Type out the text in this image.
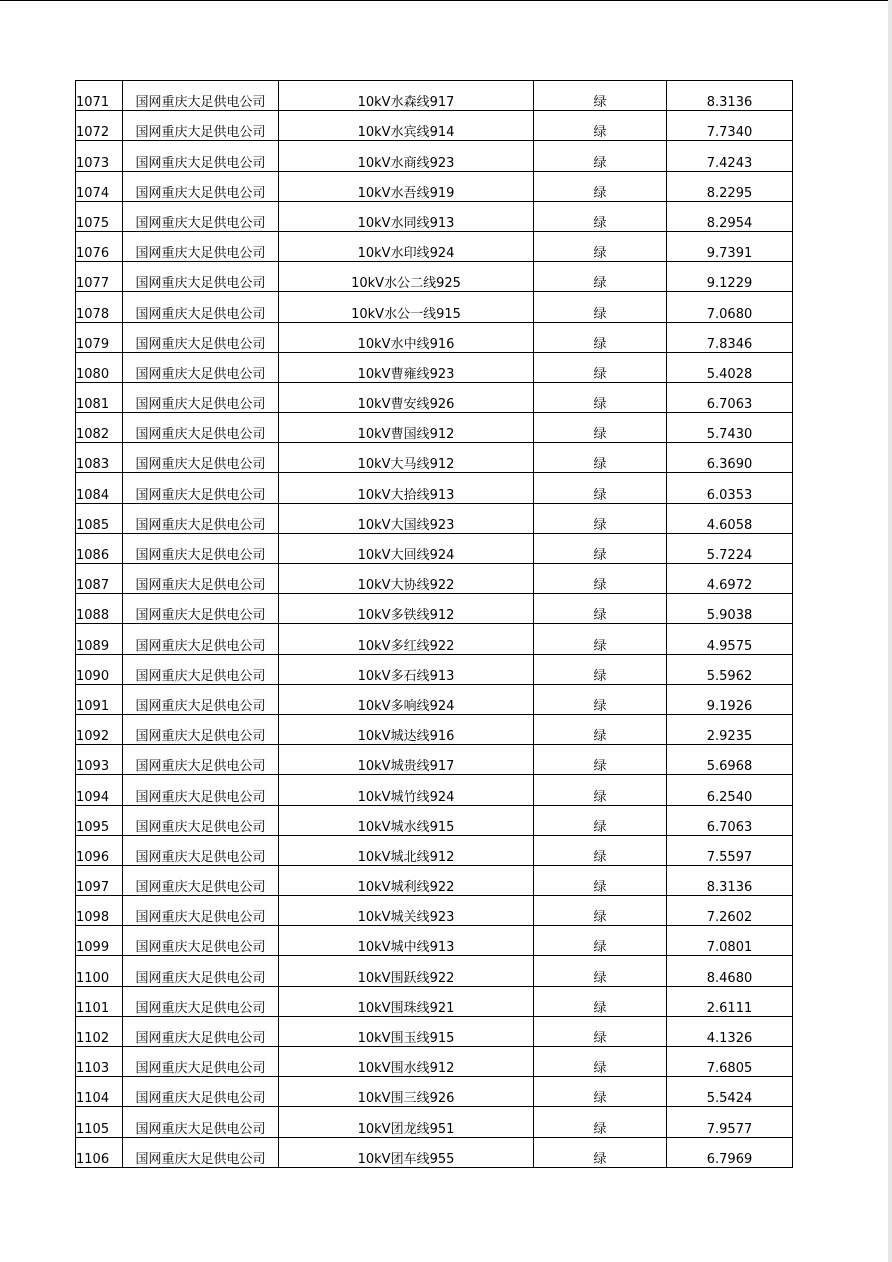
1071	国网重庆大足供电公司	10kV水森线917	绿	8.3136
1072	国网重庆大足供电公司	10kV水宾线914	绿	7.7340
1073	国网重庆大足供电公司	10kV水商线923	绿	7.4243
1074	国网重庆大足供电公司	10kV水吾线919	绿	8.2295
1075	国网重庆大足供电公司	10kV水同线913	绿	8.2954
1076	国网重庆大足供电公司	10kV水印线924	绿	9.7391
1077	国网重庆大足供电公司	10kV水公二线925	绿	9.1229
1078	国网重庆大足供电公司	10kV水公一线915	绿	7.0680
1079	国网重庆大足供电公司	10kV水中线916	绿	7.8346
1080	国网重庆大足供电公司	10kV曹雍线923	绿	5.4028
1081	国网重庆大足供电公司	10kV曹安线926	绿	6.7063
1082	国网重庆大足供电公司	10kV曹国线912	绿	5.7430
1083	国网重庆大足供电公司	10kV大马线912	绿	6.3690
1084	国网重庆大足供电公司	10kV大拾线913	绿	6.0353
1085	国网重庆大足供电公司	10kV大国线923	绿	4.6058
1086	国网重庆大足供电公司	10kV大回线924	绿	5.7224
1087	国网重庆大足供电公司	10kV大协线922	绿	4.6972
1088	国网重庆大足供电公司	10kV多铁线912	绿	5.9038
1089	国网重庆大足供电公司	10kV多红线922	绿	4.9575
1090	国网重庆大足供电公司	10kV多石线913	绿	5.5962
1091	国网重庆大足供电公司	10kV多响线924	绿	9.1926
1092	国网重庆大足供电公司	10kV城达线916	绿	2.9235
1093	国网重庆大足供电公司	10kV城贵线917	绿	5.6968
1094	国网重庆大足供电公司	10kV城竹线924	绿	6.2540
1095	国网重庆大足供电公司	10kV城水线915	绿	6.7063
1096	国网重庆大足供电公司	10kV城北线912	绿	7.5597
1097	国网重庆大足供电公司	10kV城利线922	绿	8.3136
1098	国网重庆大足供电公司	10kV城关线923	绿	7.2602
1099	国网重庆大足供电公司	10kV城中线913	绿	7.0801
1100	国网重庆大足供电公司	10kV围跃线922	绿	8.4680
1101	国网重庆大足供电公司	10kV围珠线921	绿	2.6111
1102	国网重庆大足供电公司	10kV围玉线915	绿	4.1326
1103	国网重庆大足供电公司	10kV围水线912	绿	7.6805
1104	国网重庆大足供电公司	10kV围三线926	绿	5.5424
1105	国网重庆大足供电公司	10kV团龙线951	绿	7.9577
1106	国网重庆大足供电公司	10kV团车线955	绿	6.7969
